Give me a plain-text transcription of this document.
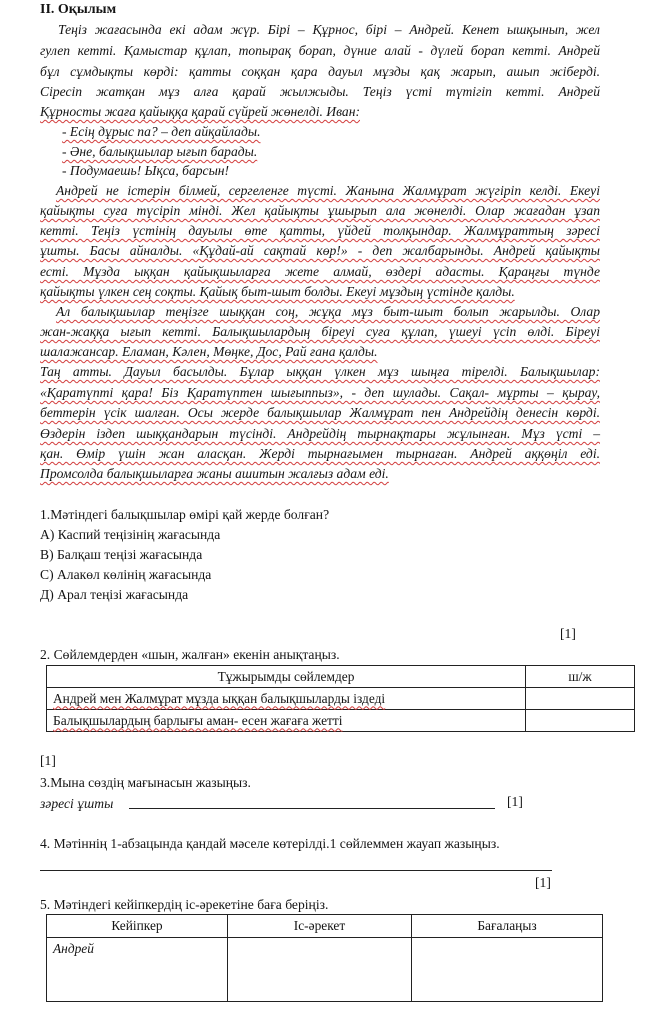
II. Оқылым
Теңіз жағасында екі адам жүр. Бірі – Құрнос, бірі – Андрей. Кенет ышқынып, жел
гулеп кетті. Қамыстар құлап, топырақ борап, дүние алай - дүлей борап кетті. Андрей
бұл сұмдықты көрді: қатты соққан қара дауыл мұзды қақ жарып, ашып жіберді.
Сіресіп жатқан мұз алға қарай жылжыды. Теңіз үсті түтігіп кетті. Андрей
Құрносты жаға қайыққа қарай сүйрей жөнелді. Иван:
- Есің дұрыс па? – деп айқайлады.
- Әне, балықшылар ығып барады.
- Подумаешь! Ықса, барсын!
Андрей не істерін білмей, сергеленге түсті. Жанына Жалмұрат жүгіріп келді. Екеуі
қайықты суға түсіріп мінді. Жел қайықты ұшырып ала жөнелді. Олар жағадан ұзап
кетті. Теңіз үстінің дауылы өте қатты, үйдей толқындар. Жалмұраттың зәресі
ұшты. Басы айналды. «Құдай-ай сақтай көр!» - деп жалбарынды. Андрей қайықты
есті. Мұзда ыққан қайықшыларға жете алмай, өздері адасты. Қараңғы түнде
қайықты үлкен сең соқты. Қайық быт-шыт болды. Екеуі мұздың үстінде қалды.
Ал балықшылар теңізге шыққан соң, жұқа мұз быт-шыт болып жарылды. Олар
жан-жаққа ығып кетті. Балықшылардың біреуі суға құлап, үшеуі үсіп өлді. Біреуі
шалажансар. Еламан, Кәлен, Мөңке, Дос, Рай ғана қалды.
Таң атты. Дауыл басылды. Бұлар ыққан үлкен мұз шыңға тірелді. Балықшылар:
«Қаратүпті қара! Біз Қаратүптен шығыппыз», - деп шулады. Сақал- мұрты – қырау,
беттерін үсік шалған. Осы жерде балықшылар Жалмұрат пен Андрейдің денесін көрді.
Өздерін іздеп шыққандарын түсінді. Андрейдің тырнақтары жұлынған. Мұз үсті –
қан. Өмір үшін жан аласқан. Жерді тырнағымен тырнаған. Андрей аққөңіл еді.
Промсолда балықшыларға жаны ашитын жалғыз адам еді.
1.Мәтіндегі балықшылар өмірі қай жерде болған?
А) Каспий теңізінің жағасында
В) Балқаш теңізі жағасында
С) Алакөл көлінің жағасында
Д) Арал теңізі жағасында
[1]
2. Сөйлемдерден «шын, жалған» екенін анықтаңыз.
Тұжырымды сөйлемдер	ш/ж
Андрей мен Жалмұрат мұзда ыққан балықшыларды іздеді	
Балықшылардың барлығы аман- есен жағаға жетті	
[1]
3.Мына сөздің мағынасын жазыңыз.
зәресі ұшты	[1]
4. Мәтіннің 1-абзацында қандай мәселе көтерілді.1 сөйлеммен жауап жазыңыз.
[1]
5. Мәтіндегі кейіпкердің іс-әрекетіне баға беріңіз.
Кейіпкер	Іс-әрекет	Бағалаңыз
Андрей		
